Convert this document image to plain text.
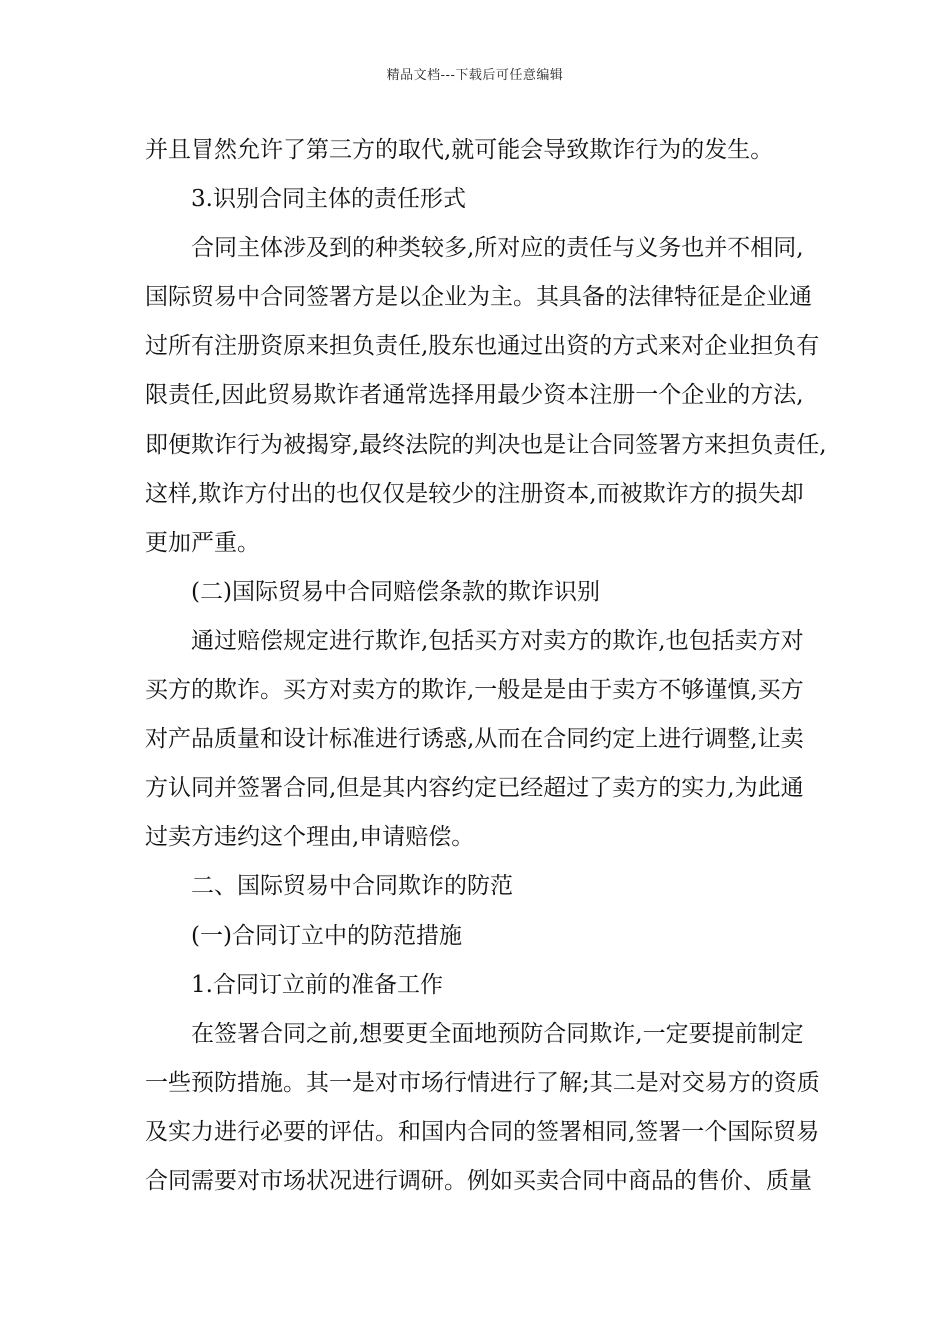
精品文档---下载后可任意编辑
并且冒然允许了第三方的取代,就可能会导致欺诈行为的发生。
3.识别合同主体的责任形式
合同主体涉及到的种类较多,所对应的责任与义务也并不相同,
国际贸易中合同签署方是以企业为主。其具备的法律特征是企业通
过所有注册资原来担负责任,股东也通过出资的方式来对企业担负有
限责任,因此贸易欺诈者通常选择用最少资本注册一个企业的方法,
即便欺诈行为被揭穿,最终法院的判决也是让合同签署方来担负责任,
这样,欺诈方付出的也仅仅是较少的注册资本,而被欺诈方的损失却
更加严重。
(二)国际贸易中合同赔偿条款的欺诈识别
通过赔偿规定进行欺诈,包括买方对卖方的欺诈,也包括卖方对
买方的欺诈。买方对卖方的欺诈,一般是是由于卖方不够谨慎,买方
对产品质量和设计标准进行诱惑,从而在合同约定上进行调整,让卖
方认同并签署合同,但是其内容约定已经超过了卖方的实力,为此通
过卖方违约这个理由,申请赔偿。
二、国际贸易中合同欺诈的防范
(一)合同订立中的防范措施
1.合同订立前的准备工作
在签署合同之前,想要更全面地预防合同欺诈,一定要提前制定
一些预防措施。其一是对市场行情进行了解;其二是对交易方的资质
及实力进行必要的评估。和国内合同的签署相同,签署一个国际贸易
合同需要对市场状况进行调研。例如买卖合同中商品的售价、质量
